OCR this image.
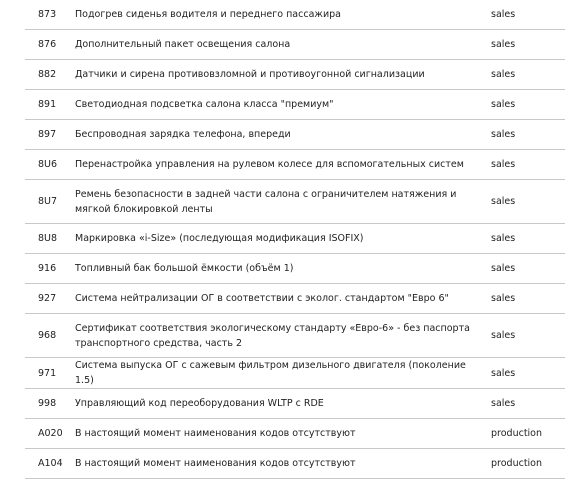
873	Подогрев сиденья водителя и переднего пассажира	sales
876	Дополнительный пакет освещения салона	sales
882	Датчики и сирена противовзломной и противоугонной сигнализации	sales
891	Светодиодная подсветка салона класса "премиум"	sales
897	Беспроводная зарядка телефона, впереди	sales
8U6	Перенастройка управления на рулевом колесе для вспомогательных систем	sales
8U7	Ремень безопасности в задней части салона с ограничителем натяжения и мягкой блокировкой ленты	sales
8U8	Маркировка «i-Size» (последующая модификация ISOFIX)	sales
916	Топливный бак большой ёмкости (объём 1)	sales
927	Система нейтрализации ОГ в соответствии с эколог. стандартом "Евро 6"	sales
968	Сертификат соответствия экологическому стандарту «Евро-6» - без паспорта транспортного средства, часть 2	sales
971	Система выпуска ОГ с сажевым фильтром дизельного двигателя (поколение 1.5)	sales
998	Управляющий код переоборудования WLTP с RDE	sales
A020	В настоящий момент наименования кодов отсутствуют	production
A104	В настоящий момент наименования кодов отсутствуют	production
